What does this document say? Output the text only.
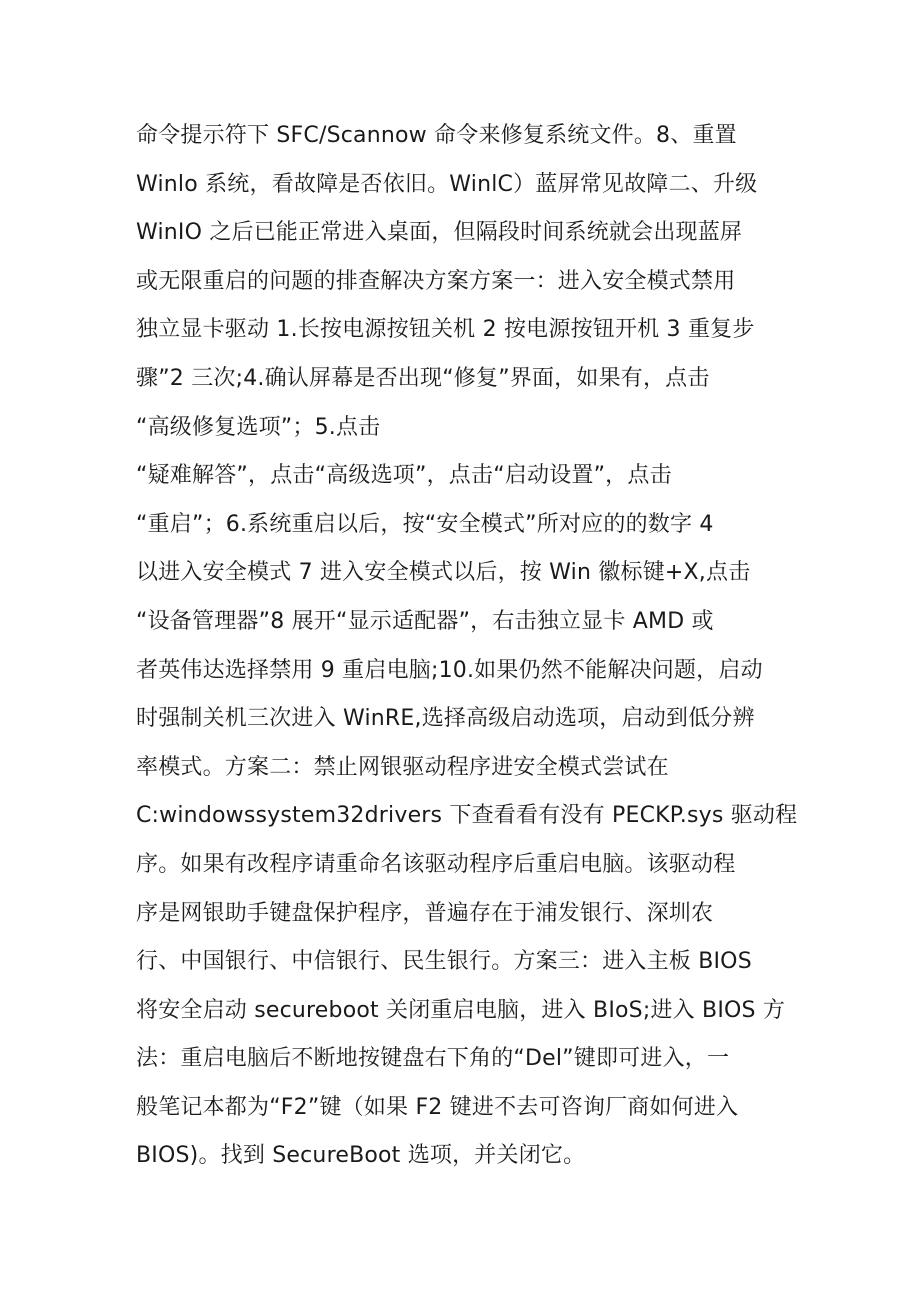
命令提示符下 SFC/Scannow 命令来修复系统文件。8、重置
Winlo 系统，看故障是否依旧。WinlC）蓝屏常见故障二、升级
WinIO 之后已能正常进入桌面，但隔段时间系统就会出现蓝屏
或无限重启的问题的排查解决方案方案一：进入安全模式禁用
独立显卡驱动 1.长按电源按钮关机 2 按电源按钮开机 3 重复步
骤”2 三次;4.确认屏幕是否出现“修复”界面，如果有，点击
“高级修复选项”；5.点击
“疑难解答”，点击“高级选项”，点击“启动设置”，点击
“重启”；6.系统重启以后，按“安全模式”所对应的的数字 4
以进入安全模式 7 进入安全模式以后，按 Win 徽标键+X,点击
“设备管理器”8 展开“显示适配器”，右击独立显卡 AMD 或
者英伟达选择禁用 9 重启电脑;10.如果仍然不能解决问题，启动
时强制关机三次进入 WinRE,选择高级启动选项，启动到低分辨
率模式。方案二：禁止网银驱动程序进安全模式尝试在
C:windowssystem32drivers 下查看看有没有 PECKP.sys 驱动程
序。如果有改程序请重命名该驱动程序后重启电脑。该驱动程
序是网银助手键盘保护程序，普遍存在于浦发银行、深圳农
行、中国银行、中信银行、民生银行。方案三：进入主板 BIOS
将安全启动 secureboot 关闭重启电脑，进入 BIoS;进入 BIOS 方
法：重启电脑后不断地按键盘右下角的“Del”键即可进入，一
般笔记本都为“F2”键（如果 F2 键进不去可咨询厂商如何进入
BIOS)。找到 SecureBoot 选项，并关闭它。
